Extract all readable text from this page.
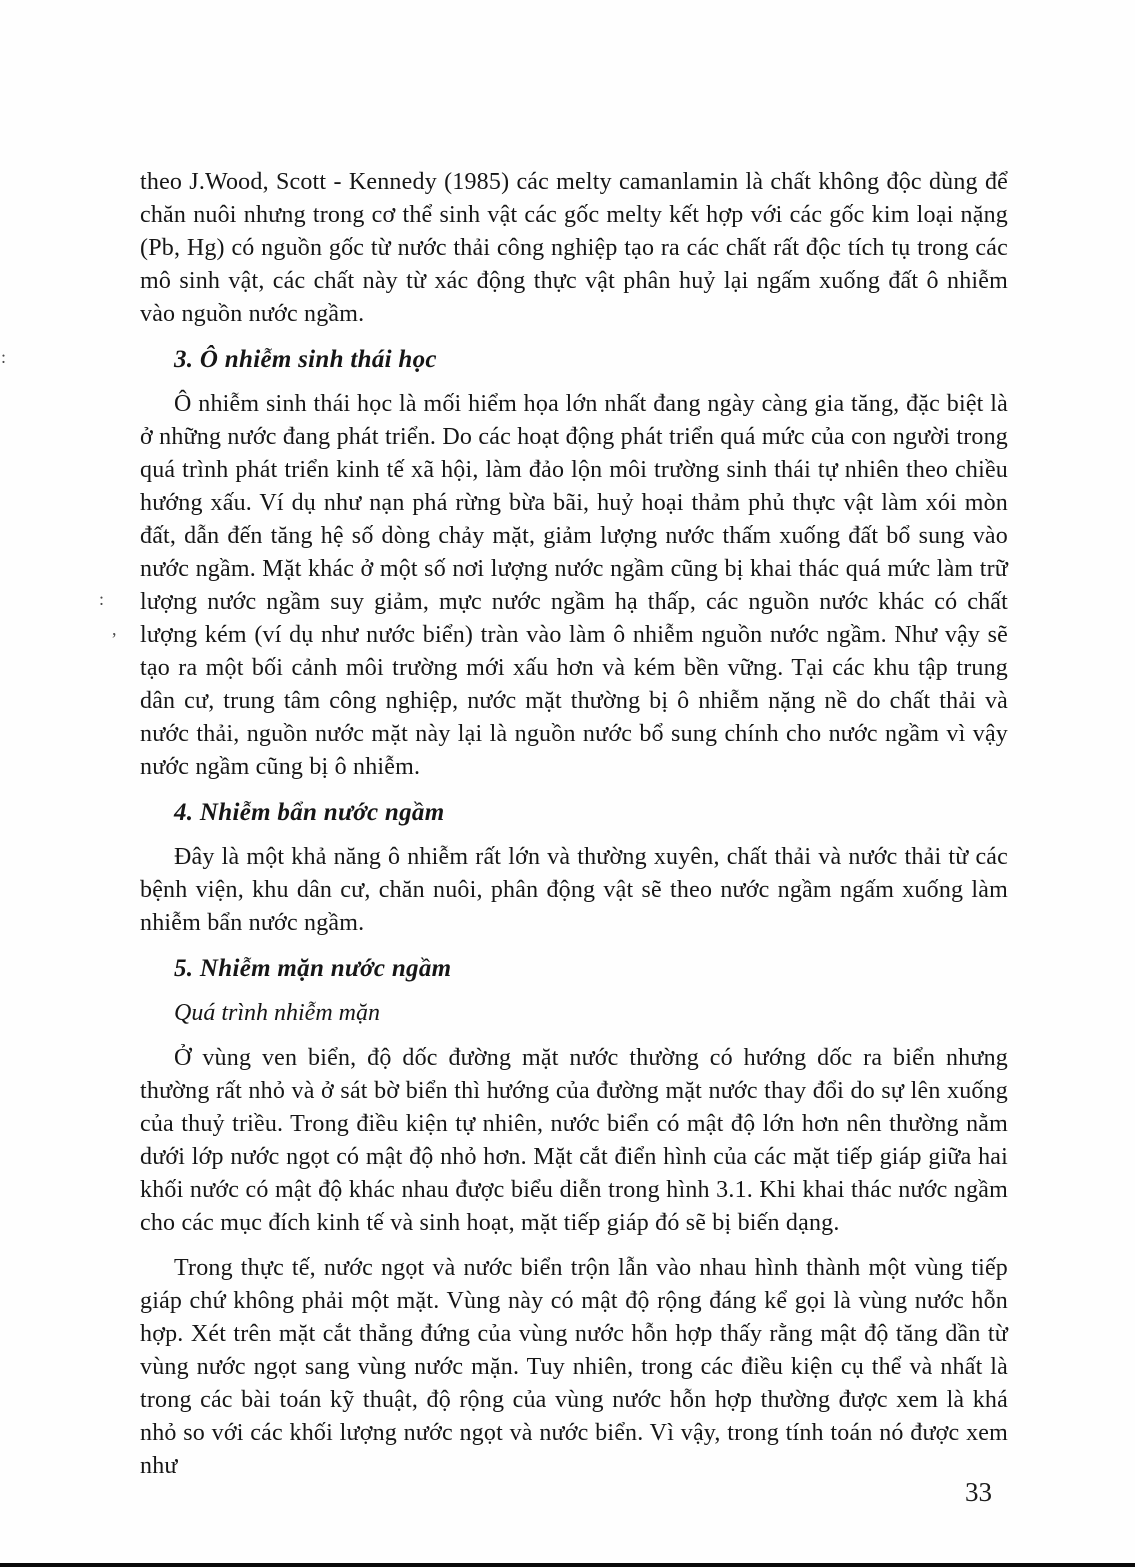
theo J.Wood, Scott - Kennedy (1985) các melty camanlamin là chất không độc dùng để chăn nuôi nhưng trong cơ thể sinh vật các gốc melty kết hợp với các gốc kim loại nặng (Pb, Hg) có nguồn gốc từ nước thải công nghiệp tạo ra các chất rất độc tích tụ trong các mô sinh vật, các chất này từ xác động thực vật phân huỷ lại ngấm xuống đất ô nhiễm vào nguồn nước ngầm.

3. Ô nhiễm sinh thái học

Ô nhiễm sinh thái học là mối hiểm họa lớn nhất đang ngày càng gia tăng, đặc biệt là ở những nước đang phát triển. Do các hoạt động phát triển quá mức của con người trong quá trình phát triển kinh tế xã hội, làm đảo lộn môi trường sinh thái tự nhiên theo chiều hướng xấu. Ví dụ như nạn phá rừng bừa bãi, huỷ hoại thảm phủ thực vật làm xói mòn đất, dẫn đến tăng hệ số dòng chảy mặt, giảm lượng nước thấm xuống đất bổ sung vào nước ngầm. Mặt khác ở một số nơi lượng nước ngầm cũng bị khai thác quá mức làm trữ lượng nước ngầm suy giảm, mực nước ngầm hạ thấp, các nguồn nước khác có chất lượng kém (ví dụ như nước biển) tràn vào làm ô nhiễm nguồn nước ngầm. Như vậy sẽ tạo ra một bối cảnh môi trường mới xấu hơn và kém bền vững. Tại các khu tập trung dân cư, trung tâm công nghiệp, nước mặt thường bị ô nhiễm nặng nề do chất thải và nước thải, nguồn nước mặt này lại là nguồn nước bổ sung chính cho nước ngầm vì vậy nước ngầm cũng bị ô nhiễm.

4. Nhiễm bẩn nước ngầm

Đây là một khả năng ô nhiễm rất lớn và thường xuyên, chất thải và nước thải từ các bệnh viện, khu dân cư, chăn nuôi, phân động vật sẽ theo nước ngầm ngấm xuống làm nhiễm bẩn nước ngầm.

5. Nhiễm mặn nước ngầm

Quá trình nhiễm mặn

Ở vùng ven biển, độ dốc đường mặt nước thường có hướng dốc ra biển nhưng thường rất nhỏ và ở sát bờ biển thì hướng của đường mặt nước thay đổi do sự lên xuống của thuỷ triều. Trong điều kiện tự nhiên, nước biển có mật độ lớn hơn nên thường nằm dưới lớp nước ngọt có mật độ nhỏ hơn. Mặt cắt điển hình của các mặt tiếp giáp giữa hai khối nước có mật độ khác nhau được biểu diễn trong hình 3.1. Khi khai thác nước ngầm cho các mục đích kinh tế và sinh hoạt, mặt tiếp giáp đó sẽ bị biến dạng.

Trong thực tế, nước ngọt và nước biển trộn lẫn vào nhau hình thành một vùng tiếp giáp chứ không phải một mặt. Vùng này có mật độ rộng đáng kể gọi là vùng nước hỗn hợp. Xét trên mặt cắt thẳng đứng của vùng nước hỗn hợp thấy rằng mật độ tăng dần từ vùng nước ngọt sang vùng nước mặn. Tuy nhiên, trong các điều kiện cụ thể và nhất là trong các bài toán kỹ thuật, độ rộng của vùng nước hỗn hợp thường được xem là khá nhỏ so với các khối lượng nước ngọt và nước biển. Vì vậy, trong tính toán nó được xem như

33
:
:
,
